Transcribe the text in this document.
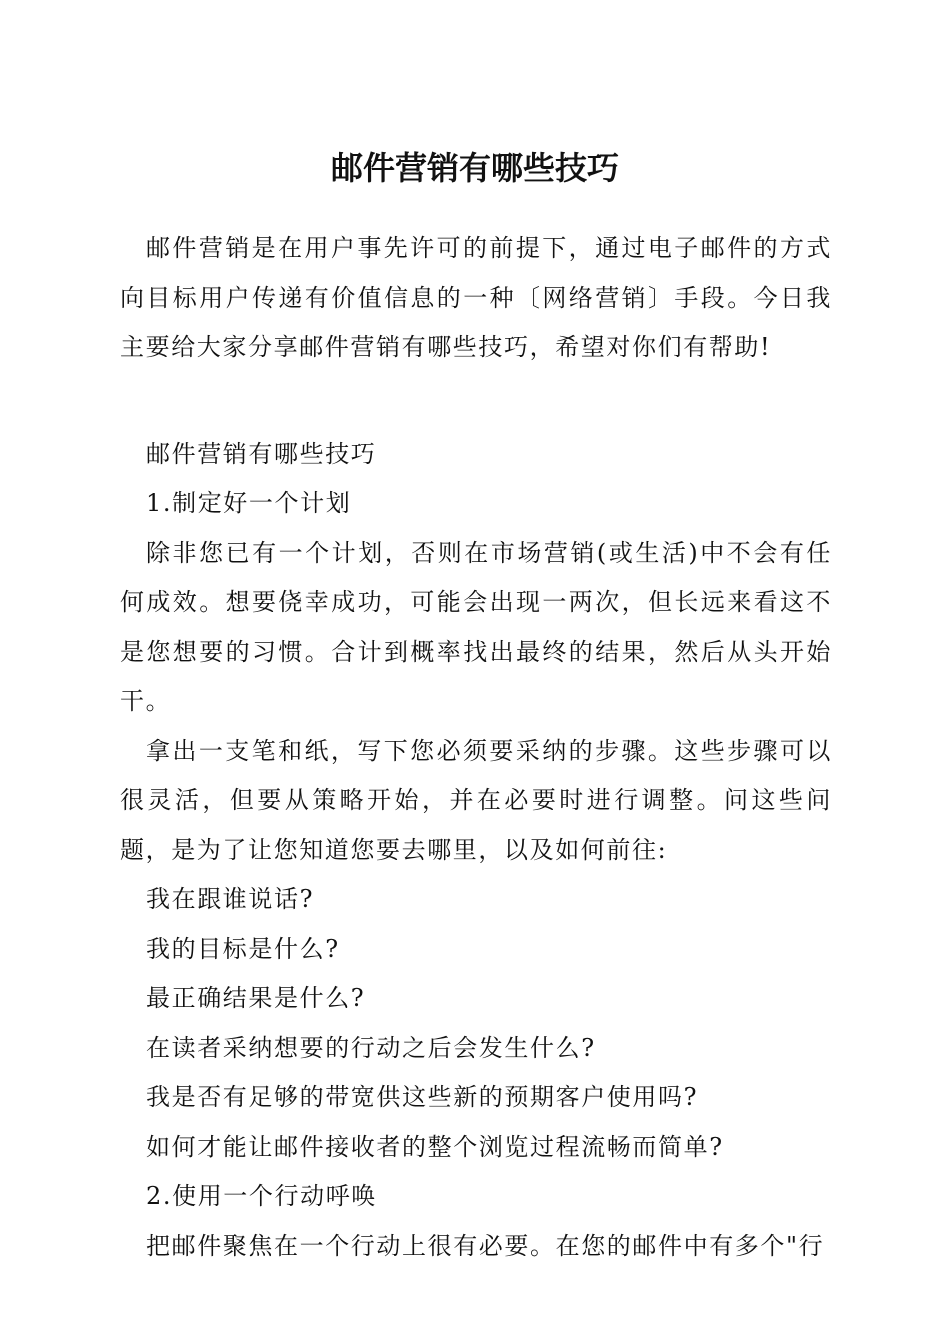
邮件营销有哪些技巧

邮件营销是在用户事先许可的前提下，通过电子邮件的方式向目标用户传递有价值信息的一种〔网络营销〕手段。今日我主要给大家分享邮件营销有哪些技巧，希望对你们有帮助!

邮件营销有哪些技巧

1.制定好一个计划

除非您已有一个计划，否则在市场营销(或生活)中不会有任何成效。想要侥幸成功，可能会出现一两次，但长远来看这不是您想要的习惯。合计到概率找出最终的结果，然后从头开始干。

拿出一支笔和纸，写下您必须要采纳的步骤。这些步骤可以很灵活，但要从策略开始，并在必要时进行调整。问这些问题，是为了让您知道您要去哪里，以及如何前往:

我在跟谁说话?

我的目标是什么?

最正确结果是什么?

在读者采纳想要的行动之后会发生什么?

我是否有足够的带宽供这些新的预期客户使用吗?

如何才能让邮件接收者的整个浏览过程流畅而简单?

2.使用一个行动呼唤

把邮件聚焦在一个行动上很有必要。在您的邮件中有多个"行
